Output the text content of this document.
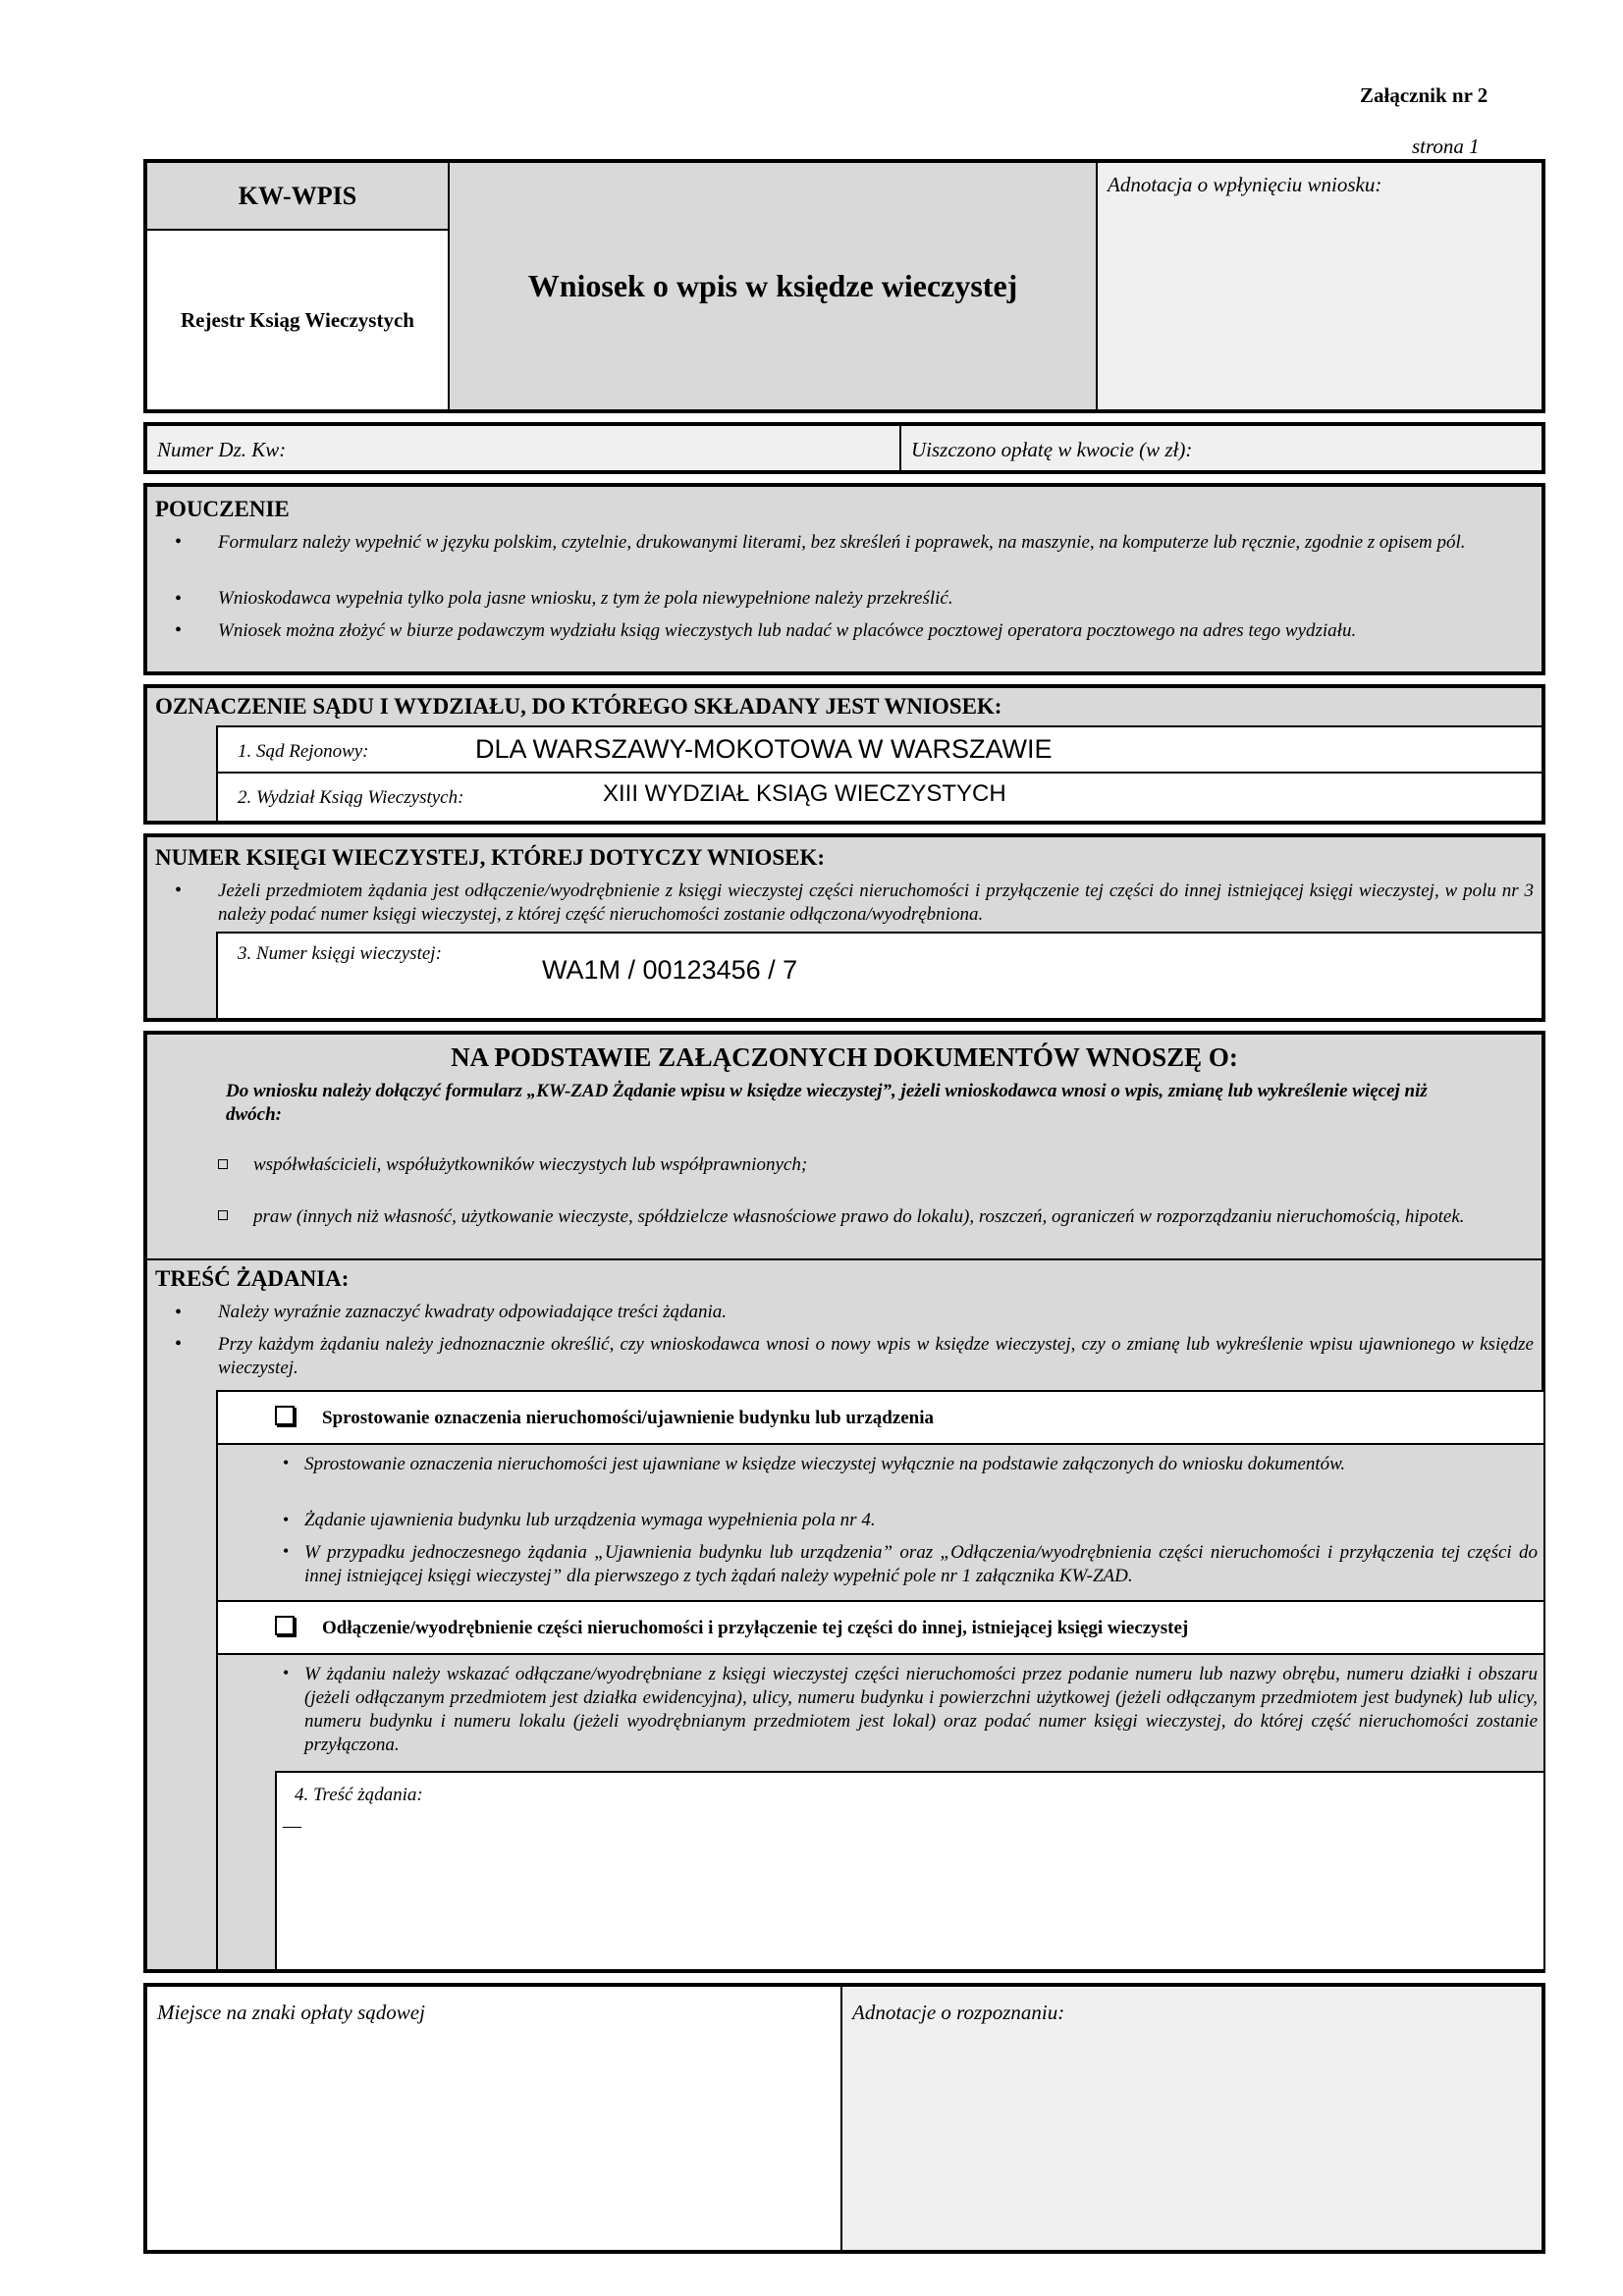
Załącznik nr 2
strona 1
KW-WPIS
Rejestr Ksiąg Wieczystych
Wniosek o wpis w księdze wieczystej
Adnotacja o wpłynięciu wniosku:
Numer Dz. Kw:	Uiszczono opłatę w kwocie (w zł):
POUCZENIE
• Formularz należy wypełnić w języku polskim, czytelnie, drukowanymi literami, bez skreśleń i poprawek, na maszynie, na komputerze lub ręcznie, zgodnie z opisem pól.
• Wnioskodawca wypełnia tylko pola jasne wniosku, z tym że pola niewypełnione należy przekreślić.
• Wniosek można złożyć w biurze podawczym wydziału ksiąg wieczystych lub nadać w placówce pocztowej operatora pocztowego na adres tego wydziału.
OZNACZENIE SĄDU I WYDZIAŁU, DO KTÓREGO SKŁADANY JEST WNIOSEK:
1. Sąd Rejonowy:	DLA WARSZAWY-MOKOTOWA W WARSZAWIE
2. Wydział Ksiąg Wieczystych:	XIII WYDZIAŁ KSIĄG WIECZYSTYCH
NUMER KSIĘGI WIECZYSTEJ, KTÓREJ DOTYCZY WNIOSEK:
• Jeżeli przedmiotem żądania jest odłączenie/wyodrębnienie z księgi wieczystej części nieruchomości i przyłączenie tej części do innej istniejącej księgi wieczystej, w polu nr 3 należy podać numer księgi wieczystej, z której część nieruchomości zostanie odłączona/wyodrębniona.
3. Numer księgi wieczystej:
WA1M / 00123456 / 7
NA PODSTAWIE ZAŁĄCZONYCH DOKUMENTÓW WNOSZĘ O:
Do wniosku należy dołączyć formularz „KW-ZAD Żądanie wpisu w księdze wieczystej”, jeżeli wnioskodawca wnosi o wpis, zmianę lub wykreślenie więcej niż dwóch:
współwłaścicieli, współużytkowników wieczystych lub współprawnionych;
praw (innych niż własność, użytkowanie wieczyste, spółdzielcze własnościowe prawo do lokalu), roszczeń, ograniczeń w rozporządzaniu nieruchomością, hipotek.
TREŚĆ ŻĄDANIA:
• Należy wyraźnie zaznaczyć kwadraty odpowiadające treści żądania.
• Przy każdym żądaniu należy jednoznacznie określić, czy wnioskodawca wnosi o nowy wpis w księdze wieczystej, czy o zmianę lub wykreślenie wpisu ujawnionego w księdze wieczystej.
Sprostowanie oznaczenia nieruchomości/ujawnienie budynku lub urządzenia
• Sprostowanie oznaczenia nieruchomości jest ujawniane w księdze wieczystej wyłącznie na podstawie załączonych do wniosku dokumentów.
• Żądanie ujawnienia budynku lub urządzenia wymaga wypełnienia pola nr 4.
• W przypadku jednoczesnego żądania „Ujawnienia budynku lub urządzenia” oraz „Odłączenia/wyodrębnienia części nieruchomości i przyłączenia tej części do innej istniejącej księgi wieczystej” dla pierwszego z tych żądań należy wypełnić pole nr 1 załącznika KW-ZAD.
Odłączenie/wyodrębnienie części nieruchomości i przyłączenie tej części do innej, istniejącej księgi wieczystej
• W żądaniu należy wskazać odłączane/wyodrębniane z księgi wieczystej części nieruchomości przez podanie numeru lub nazwy obrębu, numeru działki i obszaru (jeżeli odłączanym przedmiotem jest działka ewidencyjna), ulicy, numeru budynku i powierzchni użytkowej (jeżeli odłączanym przedmiotem jest budynek) lub ulicy, numeru budynku i numeru lokalu (jeżeli wyodrębnianym przedmiotem jest lokal) oraz podać numer księgi wieczystej, do której część nieruchomości zostanie przyłączona.
4. Treść żądania:
—
Miejsce na znaki opłaty sądowej	Adnotacje o rozpoznaniu:
